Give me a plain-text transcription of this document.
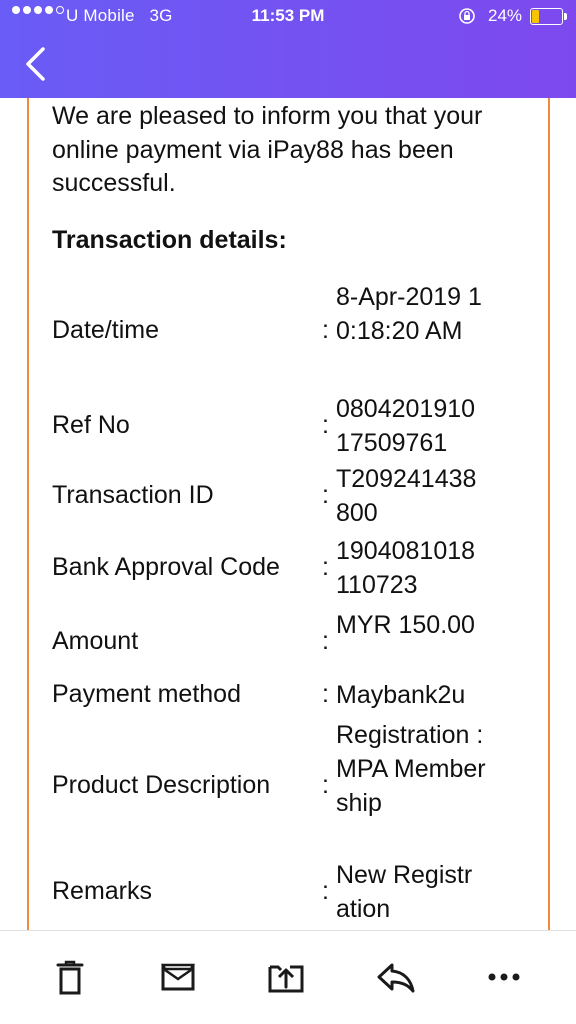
U Mobile   3G	11:53 PM	24%
We are pleased to inform you that your online payment via iPay88 has been successful.
Transaction details:
Date/time	:
8-Apr-2019 10:18:20 AM
Ref No	:
080420191017509761
Transaction ID	:
T209241438800
Bank Approval Code :
1904081018110723
Amount	:
MYR 150.00
Payment method	: Maybank2u
Product Description :
Registration : MPA Membership
Remarks	:
New Registration
